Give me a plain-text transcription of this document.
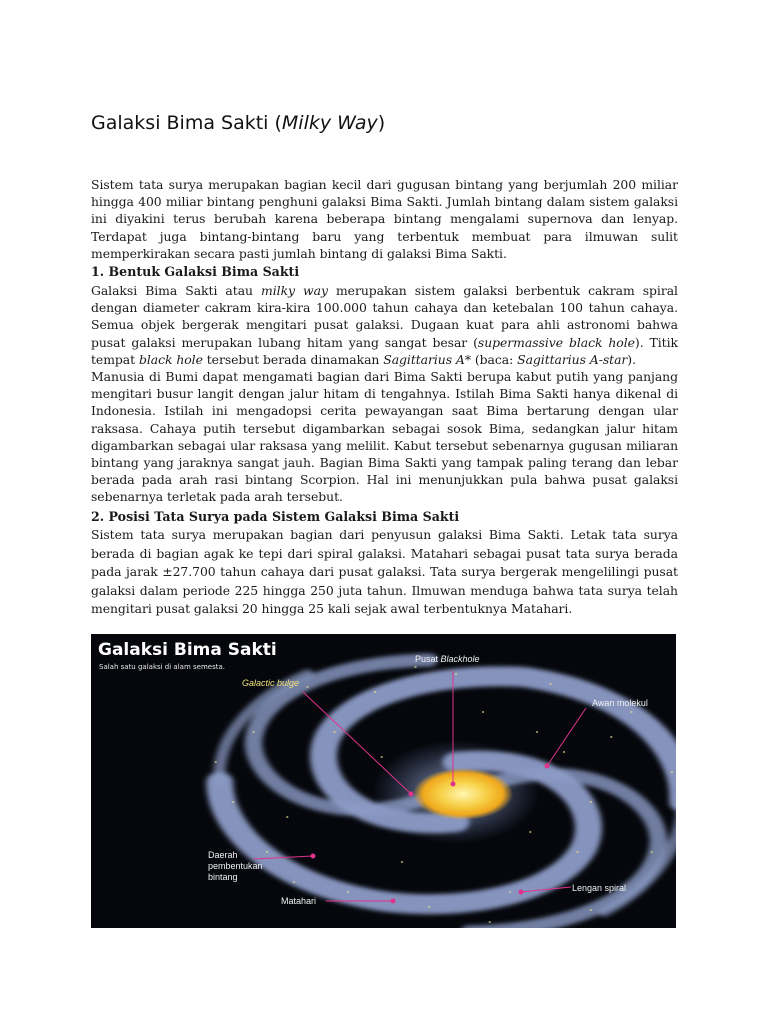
Galaksi Bima Sakti (Milky Way)

Sistem tata surya merupakan bagian kecil dari gugusan bintang yang berjumlah 200 miliar hingga 400 miliar bintang penghuni galaksi Bima Sakti. Jumlah bintang dalam sistem galaksi ini diyakini terus berubah karena beberapa bintang mengalami supernova dan lenyap. Terdapat juga bintang-bintang baru yang terbentuk membuat para ilmuwan sulit memperkirakan secara pasti jumlah bintang di galaksi Bima Sakti.

1. Bentuk Galaksi Bima Sakti

Galaksi Bima Sakti atau milky way merupakan sistem galaksi berbentuk cakram spiral dengan diameter cakram kira-kira 100.000 tahun cahaya dan ketebalan 100 tahun cahaya. Semua objek bergerak mengitari pusat galaksi. Dugaan kuat para ahli astronomi bahwa pusat galaksi merupakan lubang hitam yang sangat besar (supermassive black hole). Titik tempat black hole tersebut berada dinamakan Sagittarius A* (baca: Sagittarius A-star).

Manusia di Bumi dapat mengamati bagian dari Bima Sakti berupa kabut putih yang panjang mengitari busur langit dengan jalur hitam di tengahnya. Istilah Bima Sakti hanya dikenal di Indonesia. Istilah ini mengadopsi cerita pewayangan saat Bima bertarung dengan ular raksasa. Cahaya putih tersebut digambarkan sebagai sosok Bima, sedangkan jalur hitam digambarkan sebagai ular raksasa yang melilit. Kabut tersebut sebenarnya gugusan miliaran bintang yang jaraknya sangat jauh. Bagian Bima Sakti yang tampak paling terang dan lebar berada pada arah rasi bintang Scorpion. Hal ini menunjukkan pula bahwa pusat galaksi sebenarnya terletak pada arah tersebut.

2. Posisi Tata Surya pada Sistem Galaksi Bima Sakti

Sistem tata surya merupakan bagian dari penyusun galaksi Bima Sakti. Letak tata surya berada di bagian agak ke tepi dari spiral galaksi. Matahari sebagai pusat tata surya berada pada jarak ±27.700 tahun cahaya dari pusat galaksi. Tata surya bergerak mengelilingi pusat galaksi dalam periode 225 hingga 250 juta tahun. Ilmuwan menduga bahwa tata surya telah mengitari pusat galaksi 20 hingga 25 kali sejak awal terbentuknya Matahari.

Galaksi Bima Sakti
Salah satu galaksi di alam semesta.
Pusat Blackhole
Galactic bulge
Awan molekul
Daerah
pembentukan
bintang
Lengan spiral
Matahari
